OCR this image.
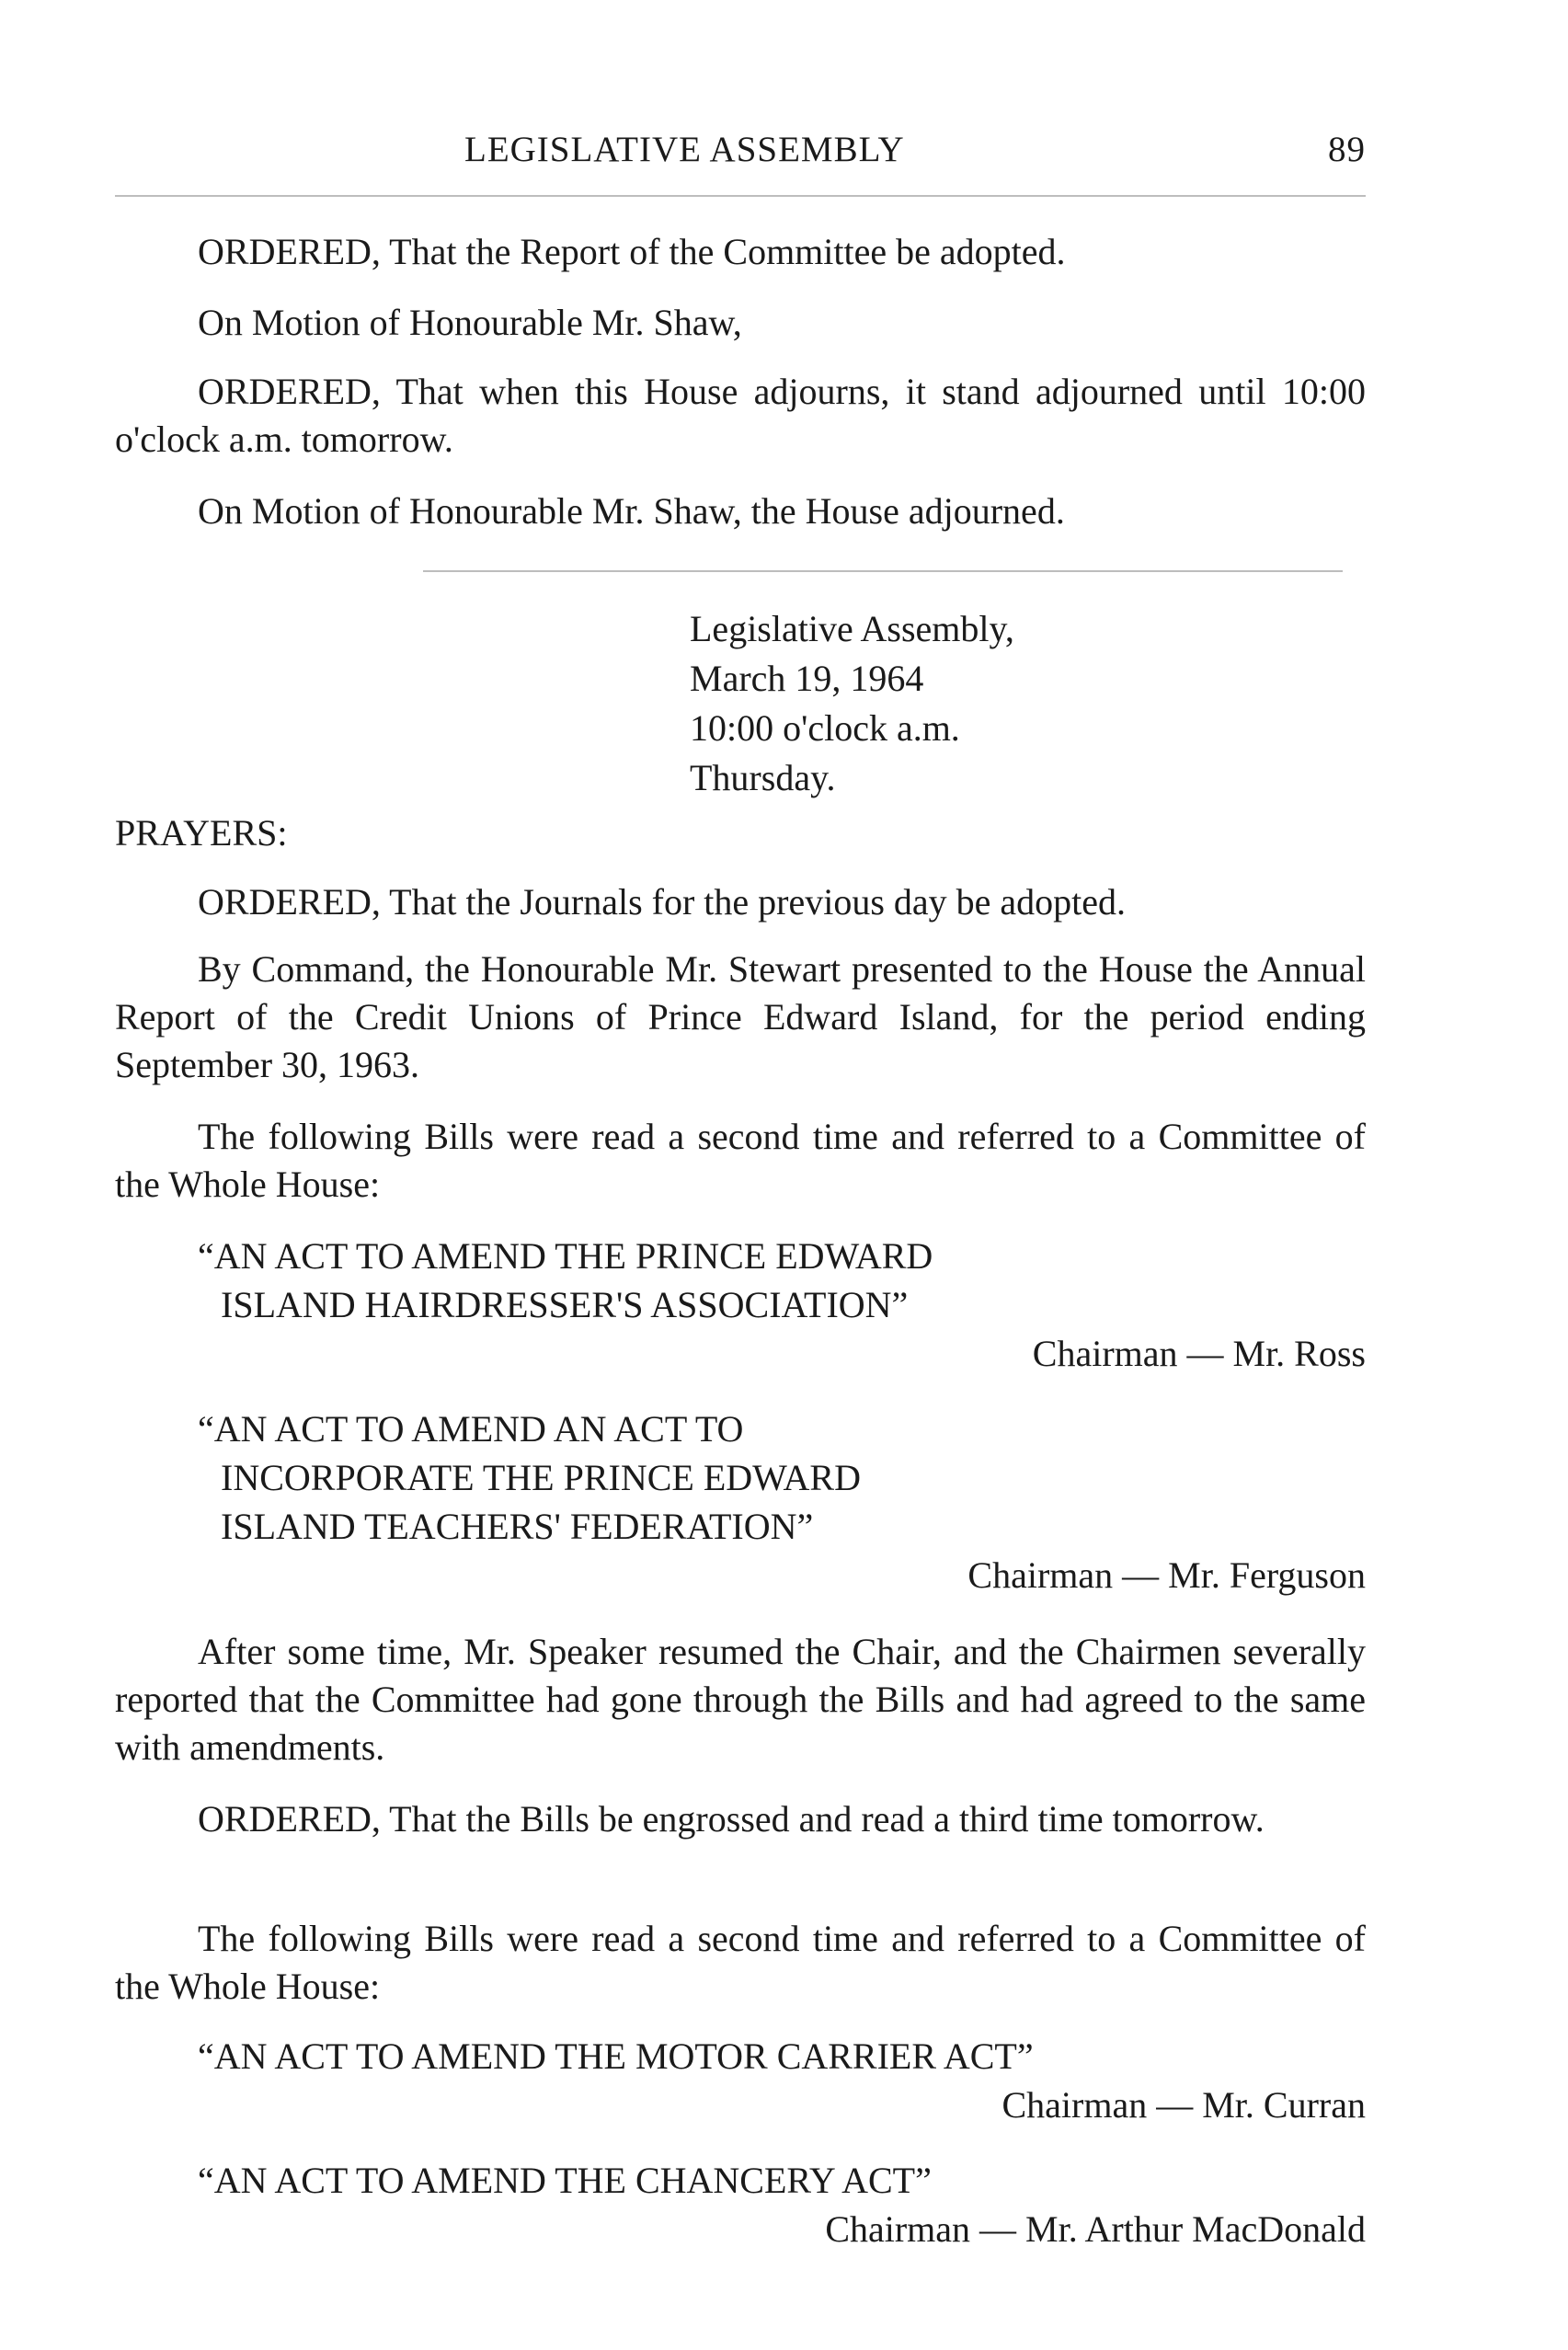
LEGISLATIVE ASSEMBLY	89
ORDERED, That the Report of the Committee be adopted.
On Motion of Honourable Mr. Shaw,
ORDERED, That when this House adjourns, it stand adjourned until 10:00 o'clock a.m. tomorrow.
On Motion of Honourable Mr. Shaw, the House adjourned.
Legislative Assembly,
March 19, 1964
10:00 o'clock a.m.
Thursday.
PRAYERS:
ORDERED, That the Journals for the previous day be adopted.
By Command, the Honourable Mr. Stewart presented to the House the Annual Report of the Credit Unions of Prince Edward Island, for the period ending September 30, 1963.
The following Bills were read a second time and referred to a Committee of the Whole House:
“AN ACT TO AMEND THE PRINCE EDWARD
ISLAND HAIRDRESSER'S ASSOCIATION”
Chairman — Mr. Ross
“AN ACT TO AMEND AN ACT TO
INCORPORATE THE PRINCE EDWARD
ISLAND TEACHERS' FEDERATION”
Chairman — Mr. Ferguson
After some time, Mr. Speaker resumed the Chair, and the Chairmen severally reported that the Committee had gone through the Bills and had agreed to the same with amendments.
ORDERED, That the Bills be engrossed and read a third time tomorrow.
The following Bills were read a second time and referred to a Committee of the Whole House:
“AN ACT TO AMEND THE MOTOR CARRIER ACT”
Chairman — Mr. Curran
“AN ACT TO AMEND THE CHANCERY ACT”
Chairman — Mr. Arthur MacDonald
